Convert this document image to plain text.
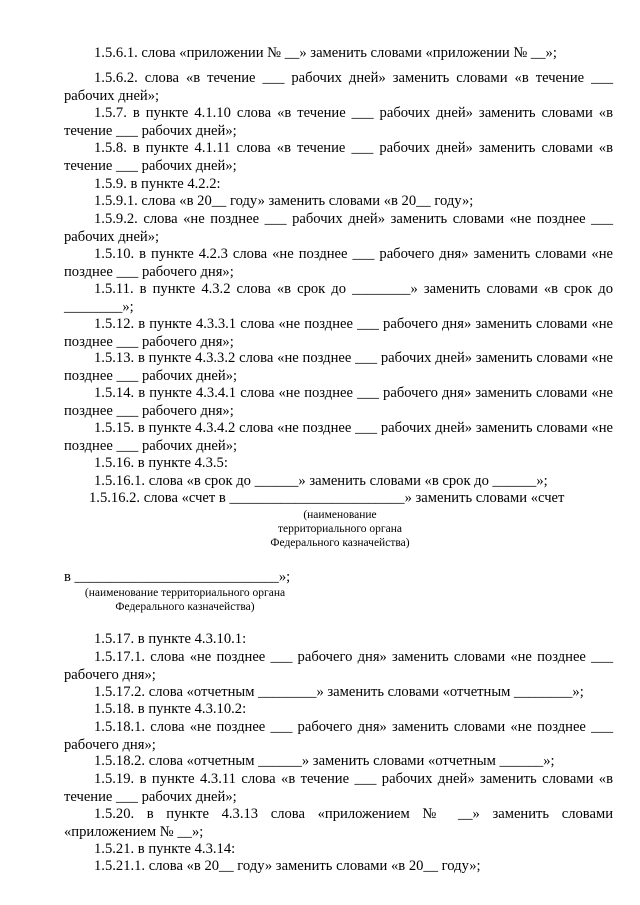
1.5.6.1. слова «приложении № __» заменить словами «приложении № __»;

1.5.6.2. слова «в течение ___ рабочих дней» заменить словами «в течение ___ рабочих дней»;

1.5.7. в пункте 4.1.10 слова «в течение ___ рабочих дней» заменить словами «в течение ___ рабочих дней»;

1.5.8. в пункте 4.1.11 слова «в течение ___ рабочих дней» заменить словами «в течение ___ рабочих дней»;

1.5.9. в пункте 4.2.2:

1.5.9.1. слова «в 20__ году» заменить словами «в 20__ году»;

1.5.9.2. слова «не позднее ___ рабочих дней» заменить словами «не позднее ___ рабочих дней»;

1.5.10. в пункте 4.2.3 слова «не позднее ___ рабочего дня» заменить словами «не позднее ___ рабочего дня»;

1.5.11. в пункте 4.3.2 слова «в срок до ________» заменить словами «в срок до ________»;

1.5.12. в пункте 4.3.3.1 слова «не позднее ___ рабочего дня» заменить словами «не позднее ___ рабочего дня»;

1.5.13. в пункте 4.3.3.2 слова «не позднее ___ рабочих дней» заменить словами «не позднее ___ рабочих дней»;

1.5.14. в пункте 4.3.4.1 слова «не позднее ___ рабочего дня» заменить словами «не позднее ___ рабочего дня»;

1.5.15. в пункте 4.3.4.2 слова «не позднее ___ рабочих дней» заменить словами «не позднее ___ рабочих дней»;

1.5.16. в пункте 4.3.5:

1.5.16.1. слова «в срок до ______» заменить словами «в срок до ______»;

1.5.16.2. слова «счет в ________________________» заменить словами «счет

(наименование территориального органа Федерального казначейства)

в ____________________________»;

(наименование территориального органа Федерального казначейства)

1.5.17. в пункте 4.3.10.1:

1.5.17.1. слова «не позднее ___ рабочего дня» заменить словами «не позднее ___ рабочего дня»;

1.5.17.2. слова «отчетным ________» заменить словами «отчетным ________»;

1.5.18. в пункте 4.3.10.2:

1.5.18.1. слова «не позднее ___ рабочего дня» заменить словами «не позднее ___ рабочего дня»;

1.5.18.2. слова «отчетным ______» заменить словами «отчетным ______»;

1.5.19. в пункте 4.3.11 слова «в течение ___ рабочих дней» заменить словами «в течение ___ рабочих дней»;

1.5.20. в пункте 4.3.13 слова «приложением № __» заменить словами «приложением № __»;

1.5.21. в пункте 4.3.14:

1.5.21.1. слова «в 20__ году» заменить словами «в 20__ году»;
